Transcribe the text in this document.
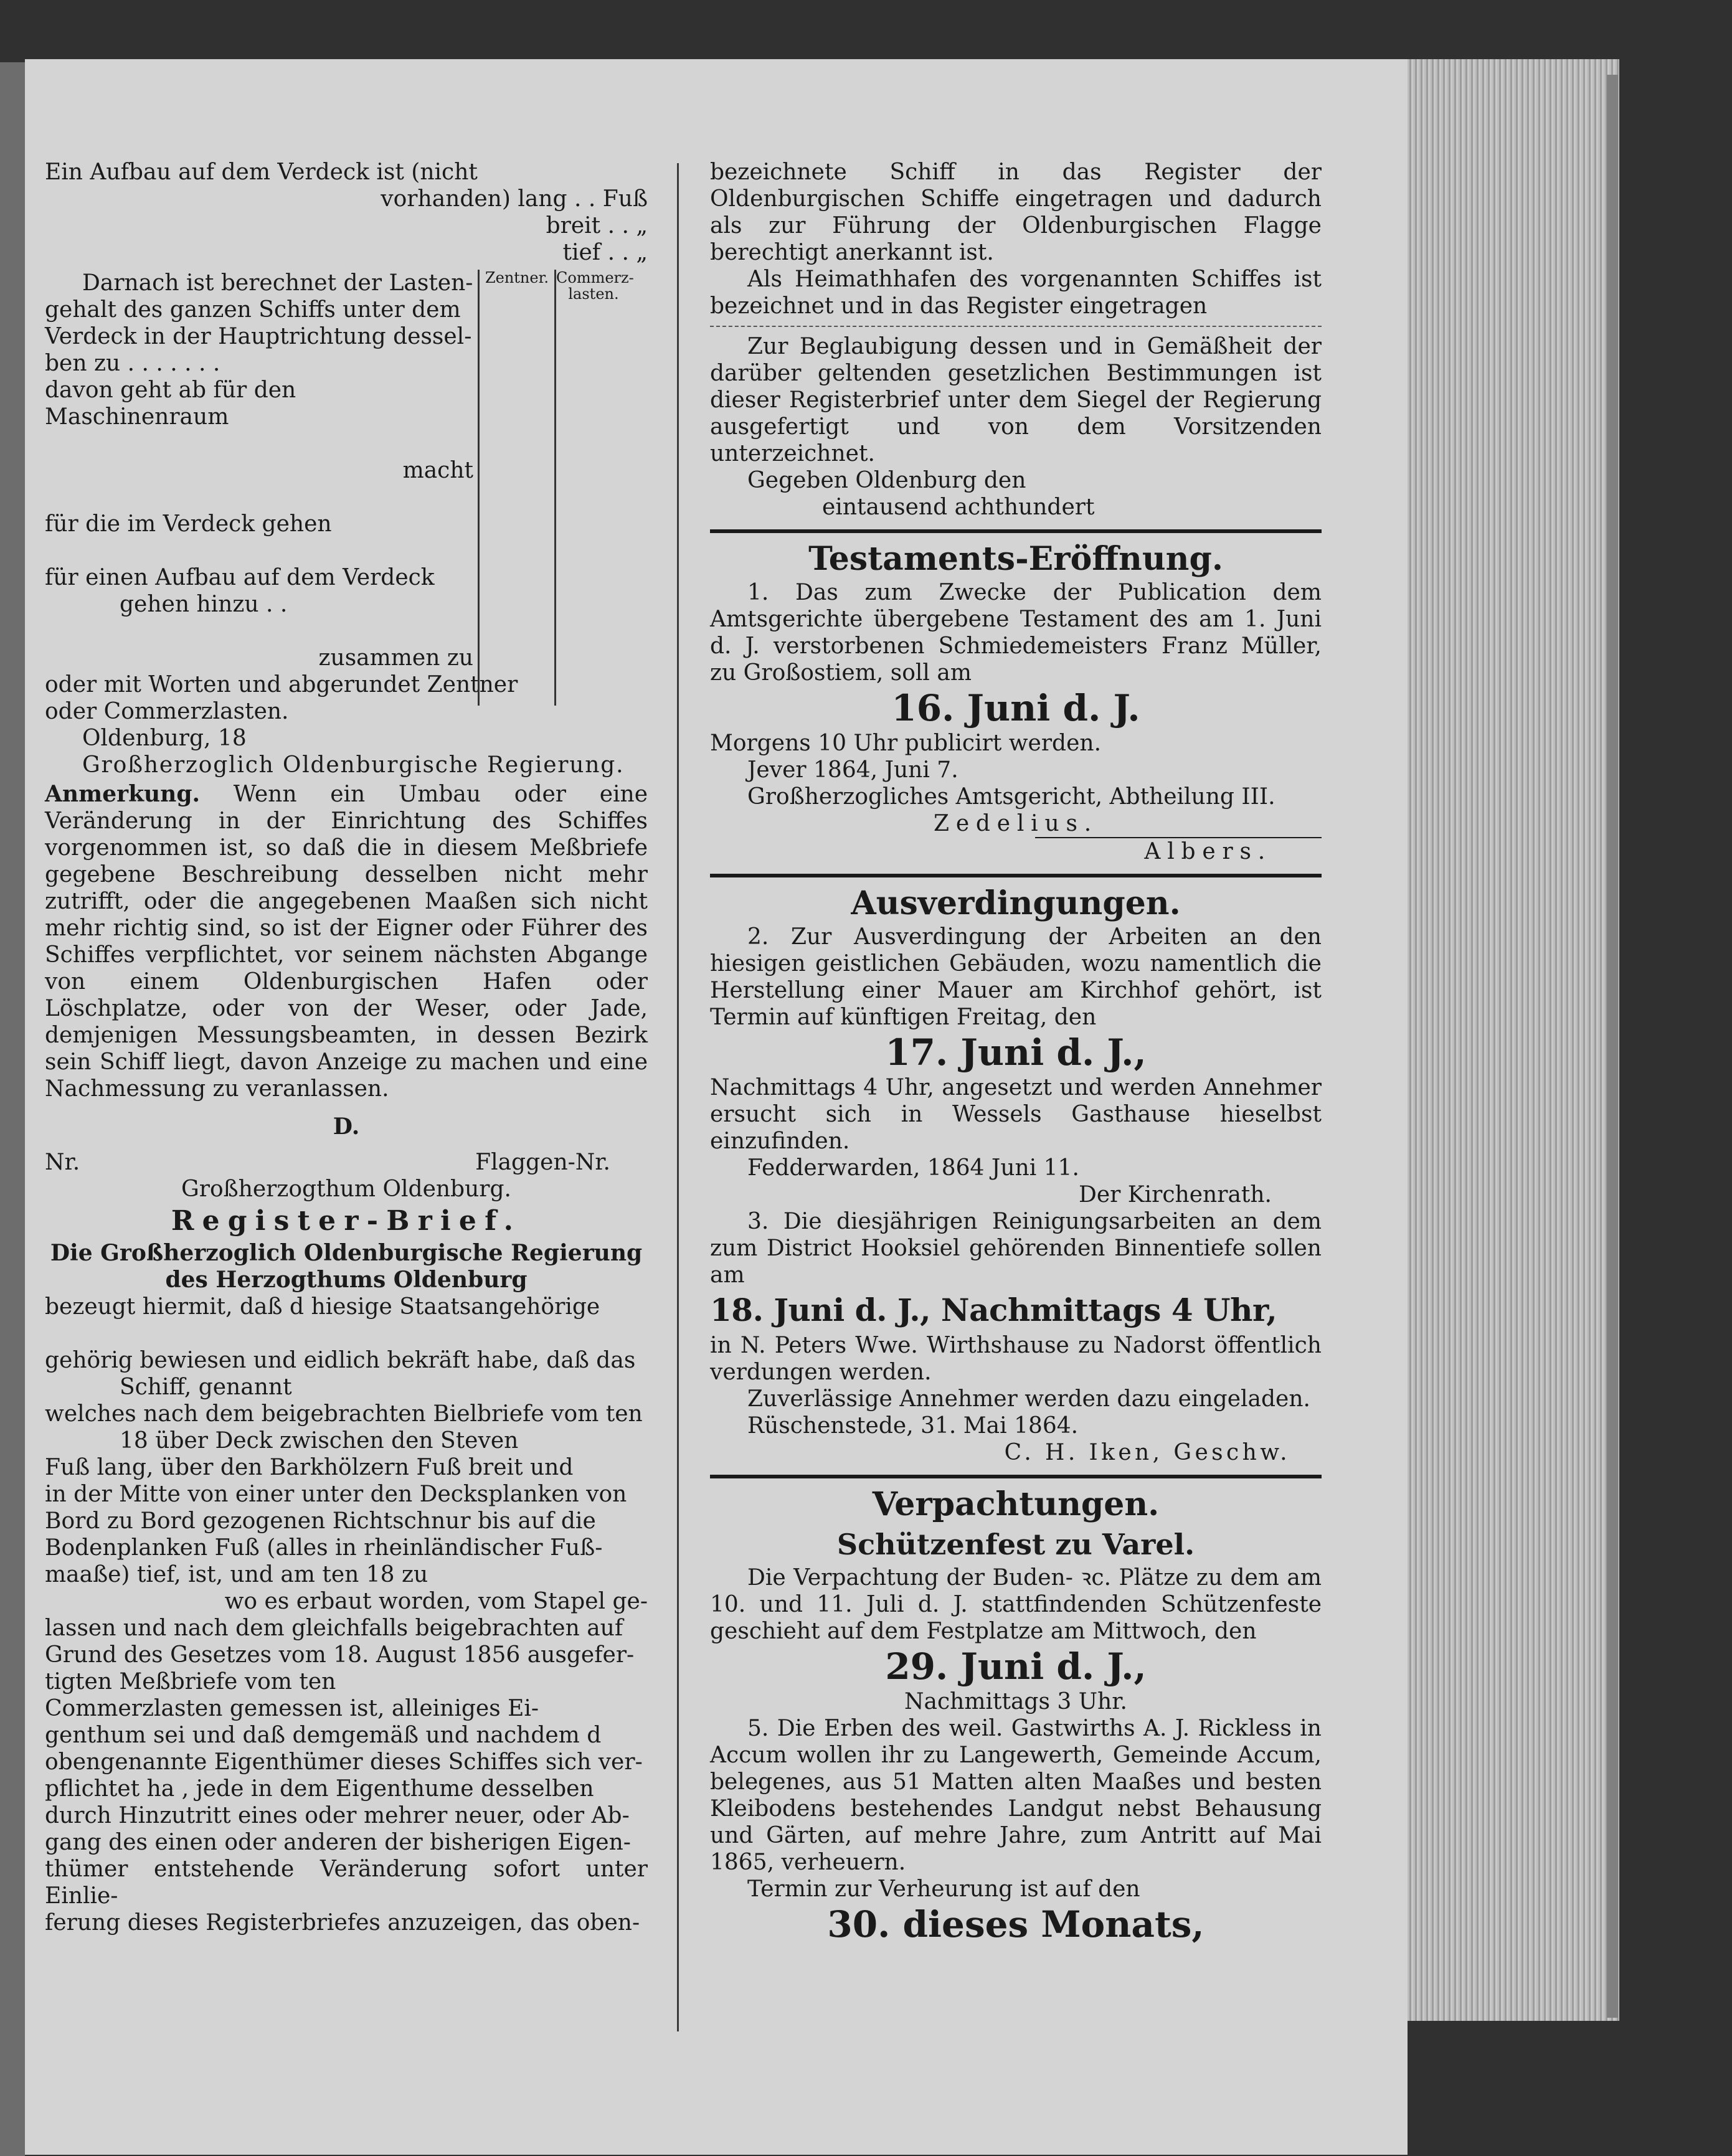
Ein Aufbau auf dem Verdeck ist (nicht

vorhanden) lang . . Fuß

breit . . „

tief . . „

Zentner. Commerz-lasten.

Darnach ist berechnet der Lasten-

gehalt des ganzen Schiffs unter dem

Verdeck in der Hauptrichtung dessel-

ben zu . . . . . . .

davon geht ab für den Maschinenraum

macht

für die im Verdeck gehen

für einen Aufbau auf dem Verdeck

gehen hinzu . .

zusammen zu

oder mit Worten und abgerundet Zentner

oder Commerzlasten.

Oldenburg, 18

Großherzoglich Oldenburgische Regierung.

Anmerkung. Wenn ein Umbau oder eine Veränderung in der Einrichtung des Schiffes vorgenommen ist, so daß die in diesem Meßbriefe gegebene Beschreibung desselben nicht mehr zutrifft, oder die angegebenen Maaßen sich nicht mehr richtig sind, so ist der Eigner oder Führer des Schiffes verpflichtet, vor seinem nächsten Abgange von einem Oldenburgischen Hafen oder Löschplatze, oder von der Weser, oder Jade, demjenigen Messungsbeamten, in dessen Bezirk sein Schiff liegt, davon Anzeige zu machen und eine Nachmessung zu veranlassen.

D.

Nr.	Flaggen-Nr.

Großherzogthum Oldenburg.

Register-Brief.

Die Großherzoglich Oldenburgische Regierung

des Herzogthums Oldenburg

bezeugt hiermit, daß d hiesige Staatsangehörige

gehörig bewiesen und eidlich bekräft habe, daß das

Schiff, genannt

welches nach dem beigebrachten Bielbriefe vom ten

18 über Deck zwischen den Steven

Fuß lang, über den Barkhölzern Fuß breit und

in der Mitte von einer unter den Decksplanken von

Bord zu Bord gezogenen Richtschnur bis auf die

Bodenplanken Fuß (alles in rheinländischer Fuß-

maaße) tief, ist, und am ten 18 zu

wo es erbaut worden, vom Stapel ge-

lassen und nach dem gleichfalls beigebrachten auf

Grund des Gesetzes vom 18. August 1856 ausgefer-

tigten Meßbriefe vom ten

Commerzlasten gemessen ist, alleiniges Ei-

genthum sei und daß demgemäß und nachdem d

obengenannte Eigenthümer dieses Schiffes sich ver-

pflichtet ha , jede in dem Eigenthume desselben

durch Hinzutritt eines oder mehrer neuer, oder Ab-

gang des einen oder anderen der bisherigen Eigen-

thümer entstehende Veränderung sofort unter Einlie-

ferung dieses Registerbriefes anzuzeigen, das oben-

bezeichnete Schiff in das Register der Oldenburgischen Schiffe eingetragen und dadurch als zur Führung der Oldenburgischen Flagge berechtigt anerkannt ist.

Als Heimathhafen des vorgenannten Schiffes ist bezeichnet und in das Register eingetragen

Zur Beglaubigung dessen und in Gemäßheit der darüber geltenden gesetzlichen Bestimmungen ist dieser Registerbrief unter dem Siegel der Regierung ausgefertigt und von dem Vorsitzenden unterzeichnet.

Gegeben Oldenburg den

eintausend achthundert

Testaments-Eröffnung.

1. Das zum Zwecke der Publication dem Amtsgerichte übergebene Testament des am 1. Juni d. J. verstorbenen Schmiedemeisters Franz Müller, zu Großostiem, soll am

16. Juni d. J.

Morgens 10 Uhr publicirt werden.

Jever 1864, Juni 7.

Großherzogliches Amtsgericht, Abtheilung III.

Zedelius.

Albers.

Ausverdingungen.

2. Zur Ausverdingung der Arbeiten an den hiesigen geistlichen Gebäuden, wozu namentlich die Herstellung einer Mauer am Kirchhof gehört, ist Termin auf künftigen Freitag, den

17. Juni d. J.,

Nachmittags 4 Uhr, angesetzt und werden Annehmer ersucht sich in Wessels Gasthause hieselbst einzufinden.

Fedderwarden, 1864 Juni 11.

Der Kirchenrath.

3. Die diesjährigen Reinigungsarbeiten an dem zum District Hooksiel gehörenden Binnentiefe sollen am

18. Juni d. J., Nachmittags 4 Uhr,

in N. Peters Wwe. Wirthshause zu Nadorst öffentlich verdungen werden.

Zuverlässige Annehmer werden dazu eingeladen.

Rüschenstede, 31. Mai 1864.

C. H. Iken, Geschw.

Verpachtungen.

Schützenfest zu Varel.

Die Verpachtung der Buden- ꝛc. Plätze zu dem am 10. und 11. Juli d. J. stattfindenden Schützenfeste geschieht auf dem Festplatze am Mittwoch, den

29. Juni d. J.,

Nachmittags 3 Uhr.

5. Die Erben des weil. Gastwirths A. J. Rickless in Accum wollen ihr zu Langewerth, Gemeinde Accum, belegenes, aus 51 Matten alten Maaßes und besten Kleibodens bestehendes Landgut nebst Behausung und Gärten, auf mehre Jahre, zum Antritt auf Mai 1865, verheuern.

Termin zur Verheurung ist auf den

30. dieses Monats,
